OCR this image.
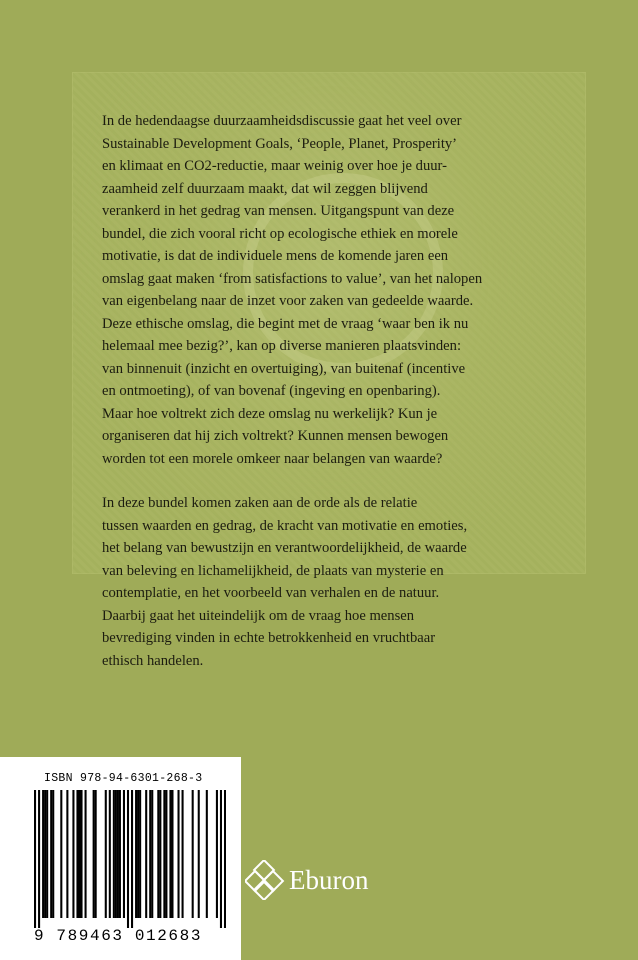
In de hedendaagse duurzaamheidsdiscussie gaat het veel over
Sustainable Development Goals, ‘People, Planet, Prosperity’
en klimaat en CO2-reductie, maar weinig over hoe je duur-
zaamheid zelf duurzaam maakt, dat wil zeggen blijvend
verankerd in het gedrag van mensen. Uitgangspunt van deze
bundel, die zich vooral richt op ecologische ethiek en morele
motivatie, is dat de individuele mens de komende jaren een
omslag gaat maken ‘from satisfactions to value’, van het nalopen
van eigenbelang naar de inzet voor zaken van gedeelde waarde.
Deze ethische omslag, die begint met de vraag ‘waar ben ik nu
helemaal mee bezig?’, kan op diverse manieren plaatsvinden:
van binnenuit (inzicht en overtuiging), van buitenaf (incentive
en ontmoeting), of van bovenaf (ingeving en openbaring).
Maar hoe voltrekt zich deze omslag nu werkelijk? Kun je
organiseren dat hij zich voltrekt? Kunnen mensen bewogen
worden tot een morele omkeer naar belangen van waarde?

In deze bundel komen zaken aan de orde als de relatie
tussen waarden en gedrag, de kracht van motivatie en emoties,
het belang van bewustzijn en verantwoordelijkheid, de waarde
van beleving en lichamelijkheid, de plaats van mysterie en
contemplatie, en het voorbeeld van verhalen en de natuur.
Daarbij gaat het uiteindelijk om de vraag hoe mensen
bevrediging vinden in echte betrokkenheid en vruchtbaar
ethisch handelen.

ISBN 978-94-6301-268-3
9 789463 012683
Eburon
